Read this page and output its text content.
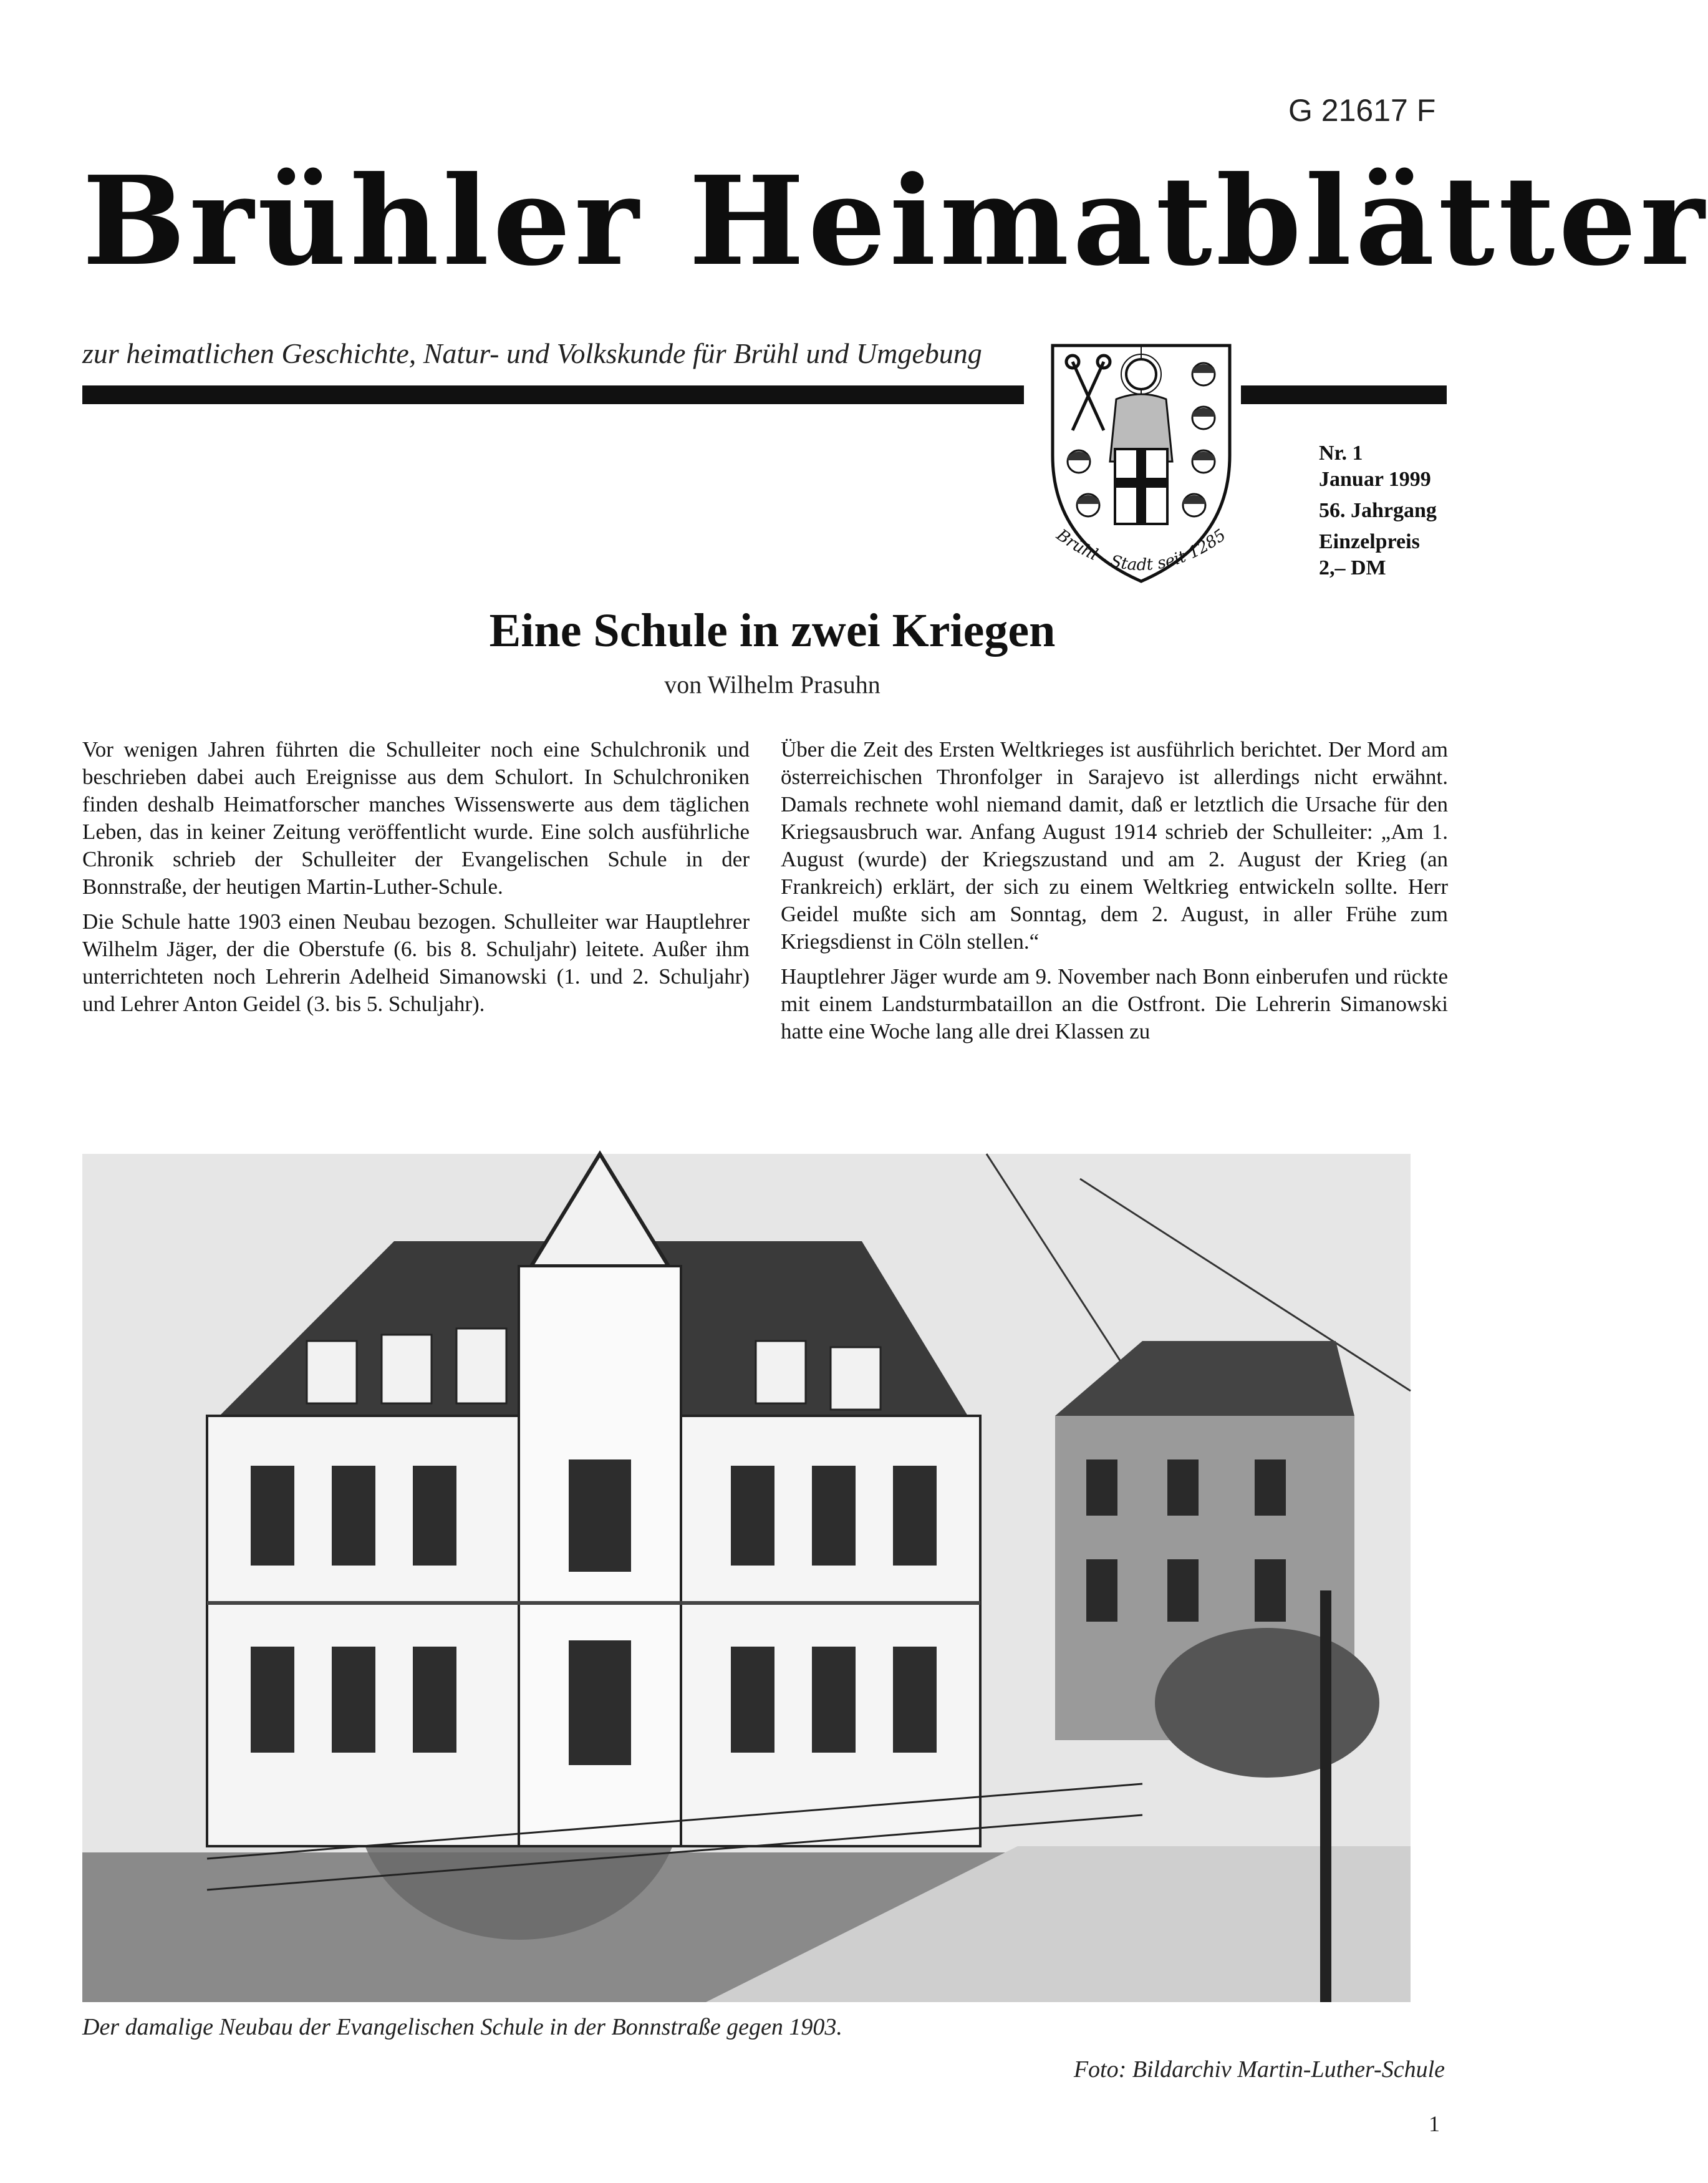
G 21617 F
Brühler Heimatblätter
zur heimatlichen Geschichte, Natur- und Volkskunde für Brühl und Umgebung
Brühl - Stadt seit 1285
Nr. 1
Januar 1999
56. Jahrgang
Einzelpreis
2,– DM
Eine Schule in zwei Kriegen
von Wilhelm Prasuhn

Vor wenigen Jahren führten die Schulleiter noch eine Schulchronik und beschrieben dabei auch Ereignisse aus dem Schulort. In Schulchroniken finden deshalb Heimatforscher manches Wissenswerte aus dem täglichen Leben, das in keiner Zeitung veröffentlicht wurde. Eine solch ausführliche Chronik schrieb der Schulleiter der Evangelischen Schule in der Bonnstraße, der heutigen Martin-Luther-Schule.

Die Schule hatte 1903 einen Neubau bezogen. Schulleiter war Hauptlehrer Wilhelm Jäger, der die Oberstufe (6. bis 8. Schuljahr) leitete. Außer ihm unterrichteten noch Lehrerin Adelheid Simanowski (1. und 2. Schuljahr) und Lehrer Anton Geidel (3. bis 5. Schuljahr).

Über die Zeit des Ersten Weltkrieges ist ausführlich berichtet. Der Mord am österreichischen Thronfolger in Sarajevo ist allerdings nicht erwähnt. Damals rechnete wohl niemand damit, daß er letztlich die Ursache für den Kriegsausbruch war. Anfang August 1914 schrieb der Schulleiter: „Am 1. August (wurde) der Kriegszustand und am 2. August der Krieg (an Frankreich) erklärt, der sich zu einem Weltkrieg entwickeln sollte. Herr Geidel mußte sich am Sonntag, dem 2. August, in aller Frühe zum Kriegsdienst in Cöln stellen.“

Hauptlehrer Jäger wurde am 9. November nach Bonn einberufen und rückte mit einem Landsturmbataillon an die Ostfront. Die Lehrerin Simanowski hatte eine Woche lang alle drei Klassen zu

Der damalige Neubau der Evangelischen Schule in der Bonnstraße gegen 1903.
Foto: Bildarchiv Martin-Luther-Schule
1
